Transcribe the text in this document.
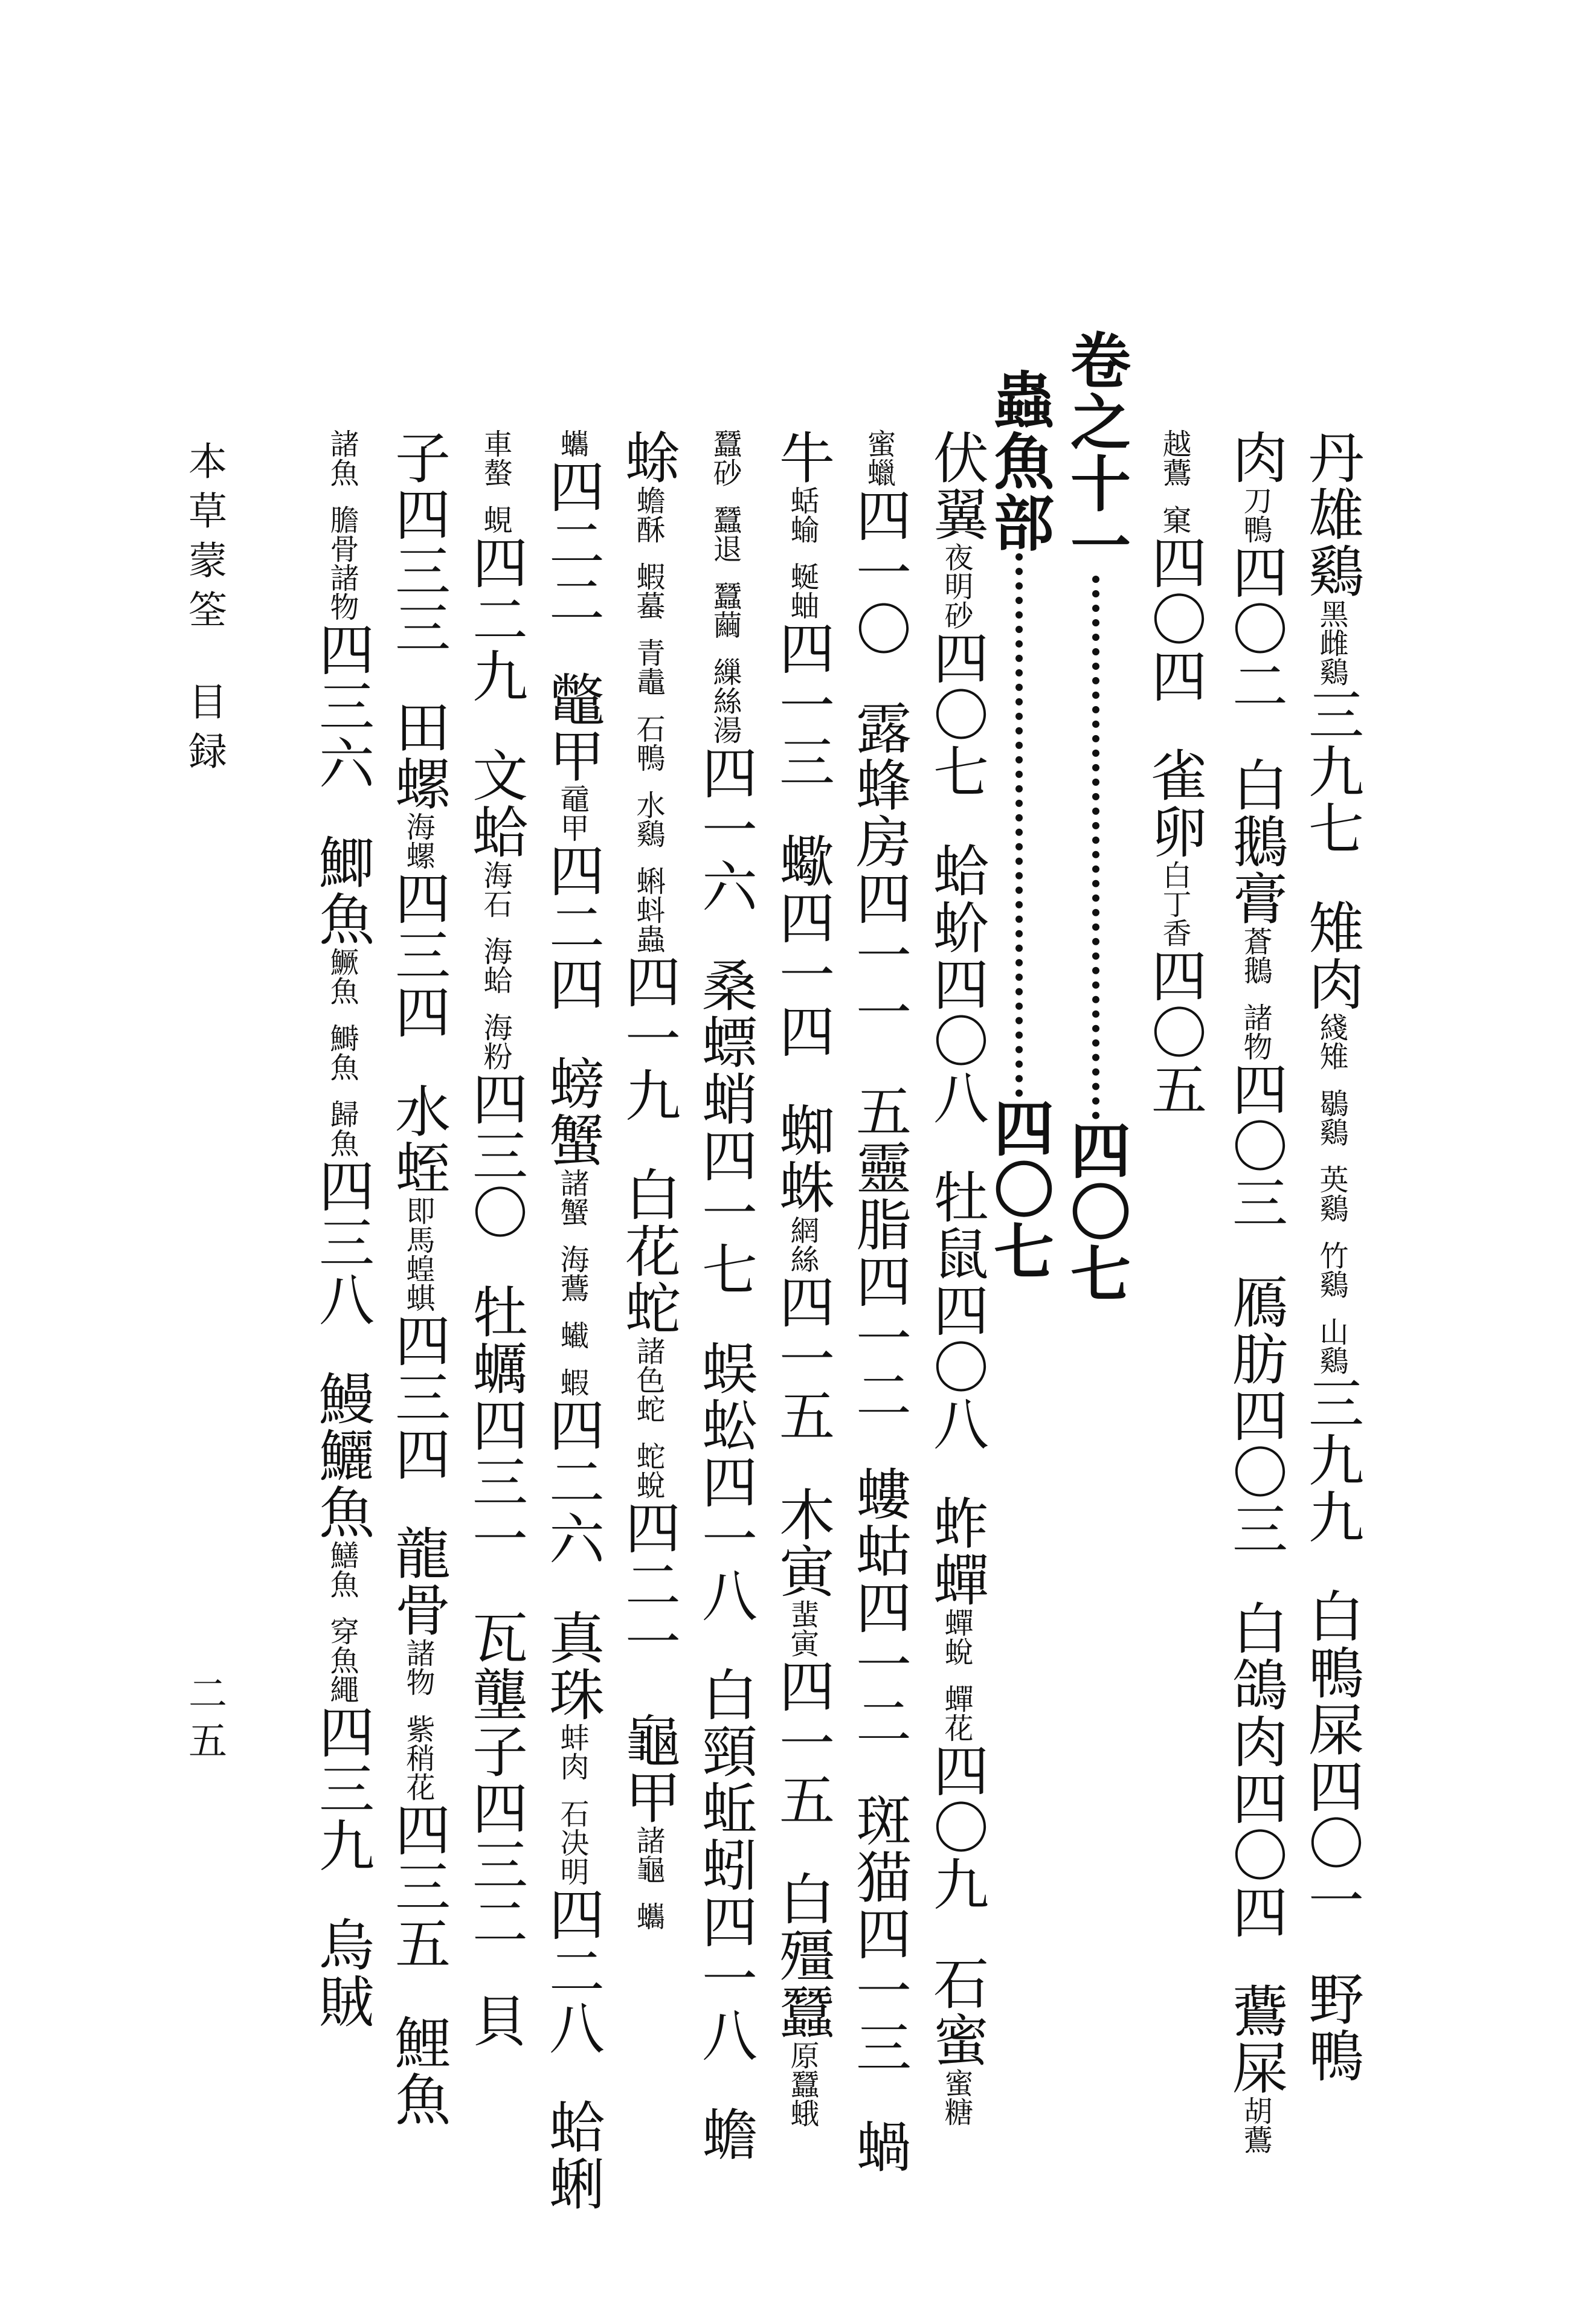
丹雄鷄黑雌鷄三九七雉肉綫雉鶡鷄英鷄竹鷄山鷄三九九白鴨屎四〇一野鴨
肉刀鴨四〇二白鵝膏蒼鵝諸物四〇三鴈肪四〇三白鴿肉四〇四鷰屎胡鷰
越鷰窠四〇四雀卵白丁香四〇五
卷之十一四〇七
蟲魚部四〇七
伏翼夜明砂四〇七蛤蚧四〇八牡鼠四〇八蚱蟬蟬蛻蟬花四〇九石蜜蜜糖
蜜蠟四一〇露蜂房四一一五靈脂四一二螻蛄四一二斑猫四一三蝸
牛蛞蝓蜒蚰四一三蠍四一四蜘蛛網絲四一五木寅蜚寅四一五白殭蠶原蠶蛾
蠶砂蠶退蠶繭繅絲湯四一六桑螵蛸四一七蜈蚣四一八白頸蚯蚓四一八蟾
蜍蟾酥蝦蟇青鼃石鴨水鷄蝌蚪蟲四一九白花蛇諸色蛇蛇蛻四二一龜甲諸龜蠵
蠵四二二鼈甲黿甲四二四螃蟹諸蟹海鷰蠘蝦四二六真珠蚌肉石决明四二八蛤蜊
車螯蜆四二九文蛤海石海蛤海粉四三〇牡蠣四三一瓦壟子四三二貝
子四三三田螺海螺四三四水蛭即馬蝗蜞四三四龍骨諸物紫稍花四三五鯉魚
諸魚膽骨諸物四三六鯽魚鱖魚鰣魚歸魚四三八鰻鱺魚鱔魚穿魚繩四三九烏賊
本草蒙筌目録
二五
